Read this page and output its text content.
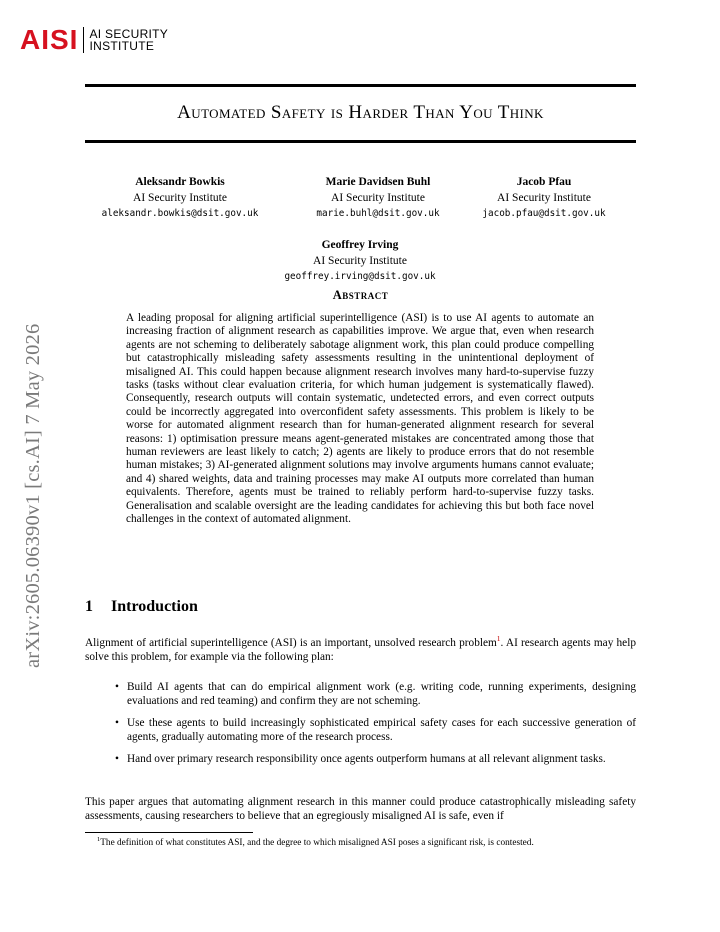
AISI AI SECURITY
INSTITUTE
arXiv:2605.06390v1 [cs.AI] 7 May 2026
Automated Safety is Harder Than You Think
Aleksandr Bowkis
AI Security Institute
aleksandr.bowkis@dsit.gov.uk
Marie Davidsen Buhl
AI Security Institute
marie.buhl@dsit.gov.uk
Jacob Pfau
AI Security Institute
jacob.pfau@dsit.gov.uk
Geoffrey Irving
AI Security Institute
geoffrey.irving@dsit.gov.uk
Abstract
A leading proposal for aligning artificial superintelligence (ASI) is to use AI agents to automate an increasing fraction of alignment research as capabilities improve. We argue that, even when research agents are not scheming to deliberately sabotage alignment work, this plan could produce compelling but catastrophically misleading safety assessments resulting in the unintentional deployment of misaligned AI. This could happen because alignment research involves many hard-to-supervise fuzzy tasks (tasks without clear evaluation criteria, for which human judgement is systematically flawed). Consequently, research outputs will contain systematic, undetected errors, and even correct outputs could be incorrectly aggregated into overconfident safety assessments. This problem is likely to be worse for automated alignment research than for human-generated alignment research for several reasons: 1) optimisation pressure means agent-generated mistakes are concentrated among those that human reviewers are least likely to catch; 2) agents are likely to produce errors that do not resemble human mistakes; 3) AI-generated alignment solutions may involve arguments humans cannot evaluate; and 4) shared weights, data and training processes may make AI outputs more correlated than human equivalents. Therefore, agents must be trained to reliably perform hard-to-supervise fuzzy tasks. Generalisation and scalable oversight are the leading candidates for achieving this but both face novel challenges in the context of automated alignment.
1 Introduction
Alignment of artificial superintelligence (ASI) is an important, unsolved research problem$^1$. AI research agents may help solve this problem, for example via the following plan:
• Build AI agents that can do empirical alignment work (e.g. writing code, running experiments, designing evaluations and red teaming) and confirm they are not scheming.
• Use these agents to build increasingly sophisticated empirical safety cases for each successive generation of agents, gradually automating more of the research process.
• Hand over primary research responsibility once agents outperform humans at all relevant alignment tasks.
This paper argues that automating alignment research in this manner could produce catastrophically misleading safety assessments, causing researchers to believe that an egregiously misaligned AI is safe, even if
$^1$The definition of what constitutes ASI, and the degree to which misaligned ASI poses a significant risk, is contested.
